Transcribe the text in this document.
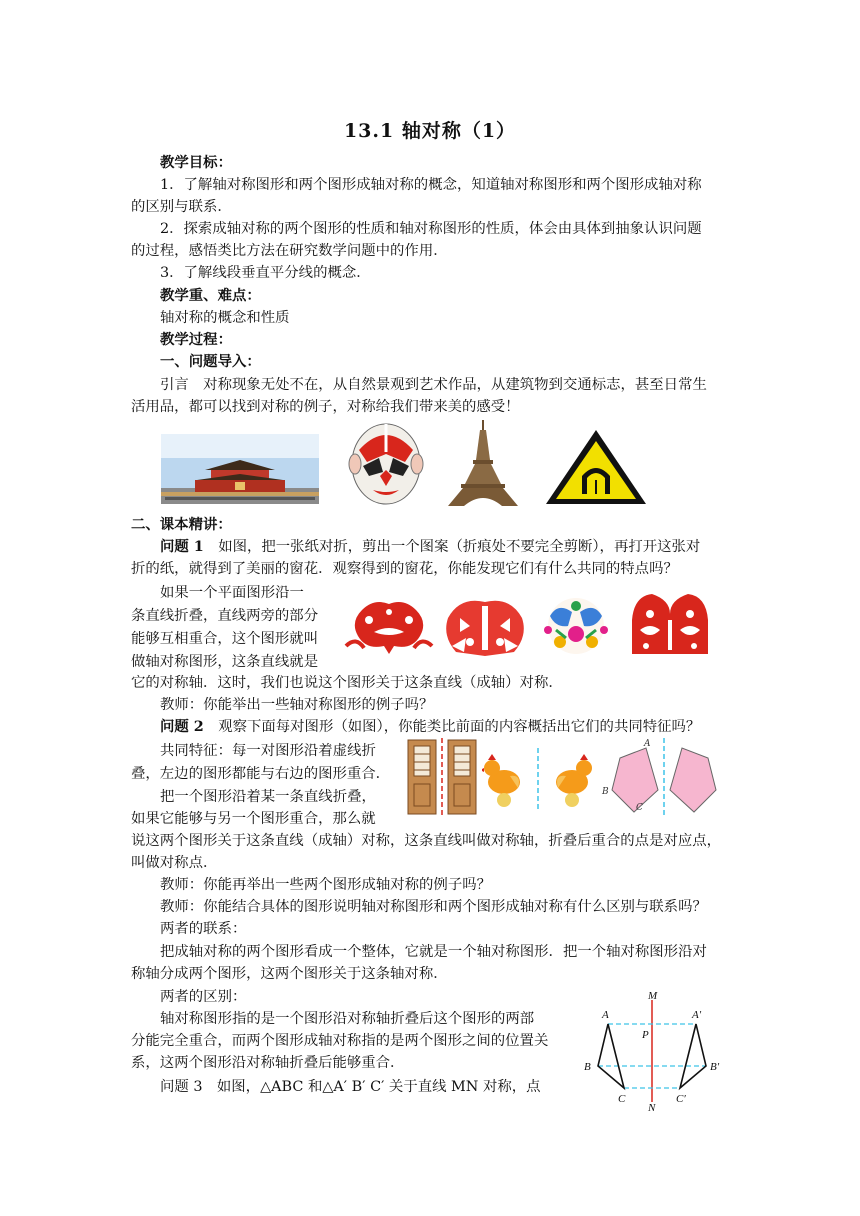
13.1 轴对称（1）
教学目标：
1．了解轴对称图形和两个图形成轴对称的概念，知道轴对称图形和两个图形成轴对称
的区别与联系．
2．探索成轴对称的两个图形的性质和轴对称图形的性质，体会由具体到抽象认识问题
的过程，感悟类比方法在研究数学问题中的作用．
3．了解线段垂直平分线的概念．
教学重、难点：
轴对称的概念和性质
教学过程：
一、问题导入：
引言　对称现象无处不在，从自然景观到艺术作品，从建筑物到交通标志，甚至日常生
活用品，都可以找到对称的例子，对称给我们带来美的感受！
二、课本精讲：
问题 1　如图，把一张纸对折，剪出一个图案（折痕处不要完全剪断），再打开这张对
折的纸，就得到了美丽的窗花．观察得到的窗花，你能发现它们有什么共同的特点吗？
如果一个平面图形沿一
条直线折叠，直线两旁的部分
能够互相重合，这个图形就叫
做轴对称图形，这条直线就是
它的对称轴．这时，我们也说这个图形关于这条直线（成轴）对称．
教师：你能举出一些轴对称图形的例子吗？
问题 2　观察下面每对图形（如图），你能类比前面的内容概括出它们的共同特征吗？
共同特征：每一对图形沿着虚线折
叠，左边的图形都能与右边的图形重合．
把一个图形沿着某一条直线折叠，
如果它能够与另一个图形重合，那么就
说这两个图形关于这条直线（成轴）对称，这条直线叫做对称轴，折叠后重合的点是对应点，
叫做对称点．
A
B
C
教师：你能再举出一些两个图形成轴对称的例子吗？
教师：你能结合具体的图形说明轴对称图形和两个图形成轴对称有什么区别与联系吗？
两者的联系：
把成轴对称的两个图形看成一个整体，它就是一个轴对称图形．把一个轴对称图形沿对
称轴分成两个图形，这两个图形关于这条轴对称．
两者的区别：
轴对称图形指的是一个图形沿对称轴折叠后这个图形的两部
分能完全重合，而两个图形成轴对称指的是两个图形之间的位置关
系，这两个图形沿对称轴折叠后能够重合．
问题 3　如图，△ABC 和△A′ B′ C′ 关于直线 MN 对称，点
M
N
P
A
B
C
A′
B′
C′
